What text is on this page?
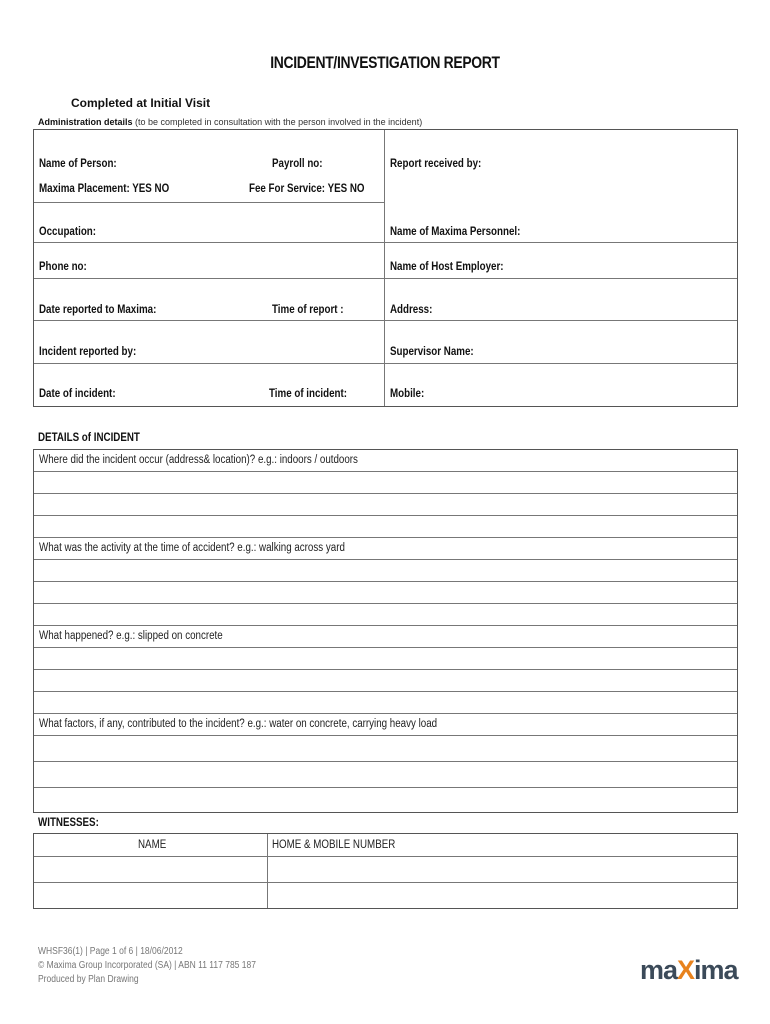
INCIDENT/INVESTIGATION REPORT
Completed at Initial Visit
Administration details (to be completed in consultation with the person involved in the incident)
Name of Person:	Payroll no:	Report received by:
Maxima Placement: YES NO	Fee For Service: YES NO
Occupation:	Name of Maxima Personnel:
Phone no:	Name of Host Employer:
Date reported to Maxima:	Time of report :	Address:
Incident reported by:	Supervisor Name:
Date of incident:	Time of incident:	Mobile:
DETAILS of INCIDENT
Where did the incident occur (address& location)? e.g.: indoors / outdoors
What was the activity at the time of accident? e.g.: walking across yard
What happened? e.g.: slipped on concrete
What factors, if any, contributed to the incident? e.g.: water on concrete, carrying heavy load
WITNESSES:
NAME	HOME & MOBILE NUMBER
WHSF36(1) | Page 1 of 6 | 18/06/2012
© Maxima Group Incorporated (SA) | ABN 11 117 785 187
Produced by Plan Drawing	maXima
